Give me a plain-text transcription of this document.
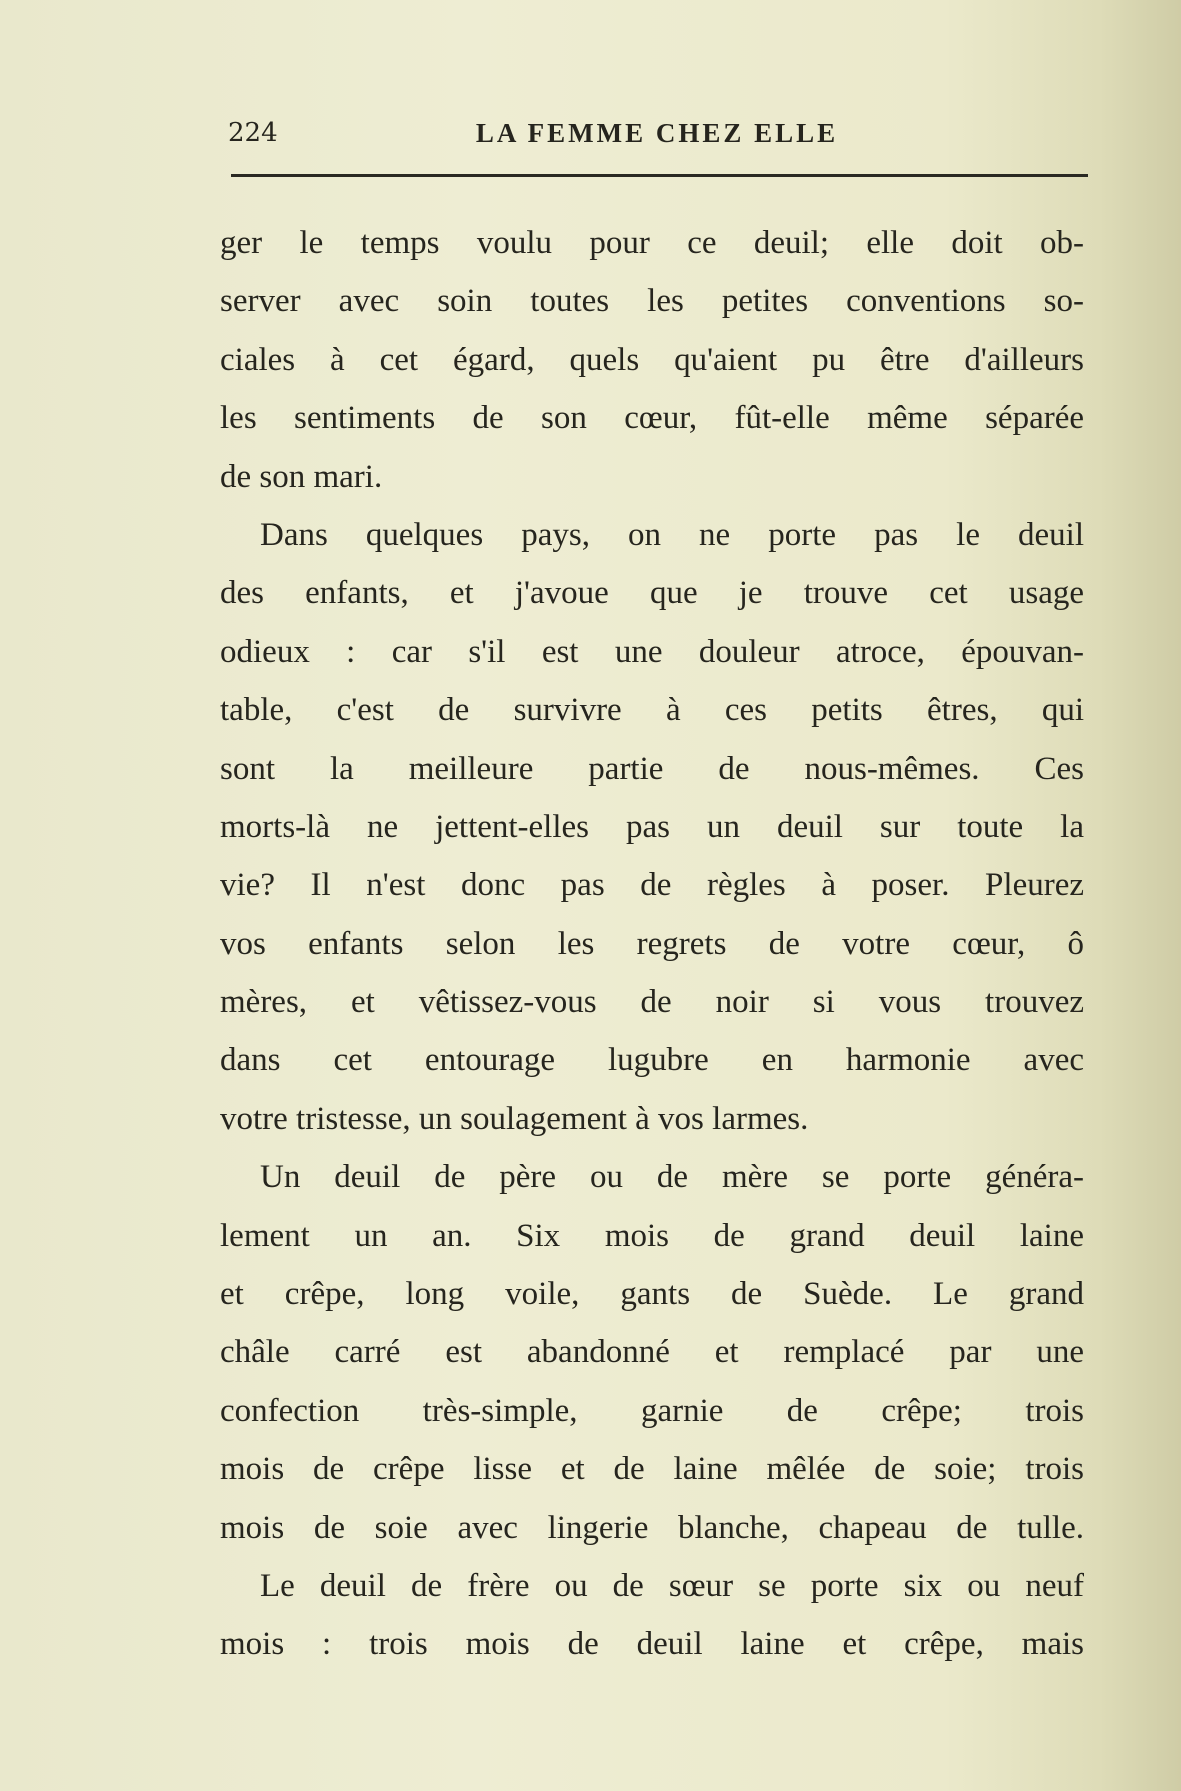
224	LA FEMME CHEZ ELLE
ger le temps voulu pour ce deuil; elle doit ob-
server avec soin toutes les petites conventions so-
ciales à cet égard, quels qu'aient pu être d'ailleurs
les sentiments de son cœur, fût-elle même séparée
de son mari.
Dans quelques pays, on ne porte pas le deuil
des enfants, et j'avoue que je trouve cet usage
odieux : car s'il est une douleur atroce, épouvan-
table, c'est de survivre à ces petits êtres, qui
sont la meilleure partie de nous-mêmes. Ces
morts-là ne jettent-elles pas un deuil sur toute la
vie? Il n'est donc pas de règles à poser. Pleurez
vos enfants selon les regrets de votre cœur, ô
mères, et vêtissez-vous de noir si vous trouvez
dans cet entourage lugubre en harmonie avec
votre tristesse, un soulagement à vos larmes.
Un deuil de père ou de mère se porte généra-
lement un an. Six mois de grand deuil laine
et crêpe, long voile, gants de Suède. Le grand
châle carré est abandonné et remplacé par une
confection très-simple, garnie de crêpe; trois
mois de crêpe lisse et de laine mêlée de soie; trois
mois de soie avec lingerie blanche, chapeau de tulle.
Le deuil de frère ou de sœur se porte six ou neuf
mois : trois mois de deuil laine et crêpe, mais
